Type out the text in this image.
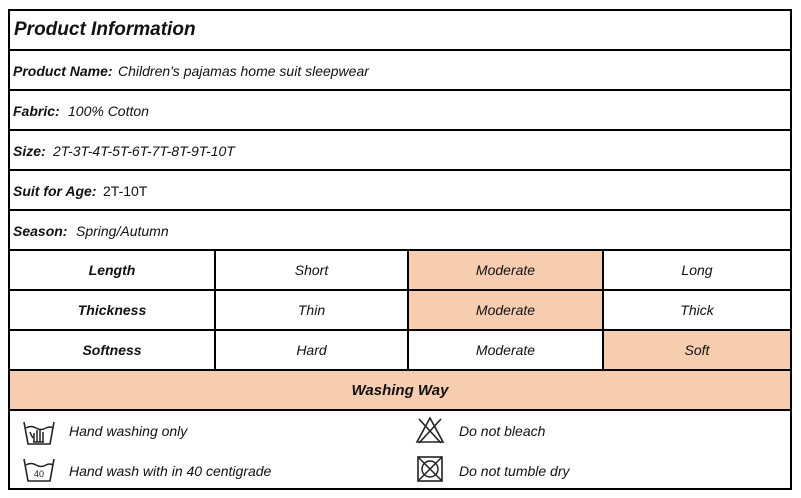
Product Information
Product Name: Children's pajamas home suit sleepwear
Fabric: 100% Cotton
Size: 2T-3T-4T-5T-6T-7T-8T-9T-10T
Suit for Age: 2T-10T
Season: Spring/Autumn
Length	Short	Moderate	Long
Thickness	Thin	Moderate	Thick
Softness	Hard	Moderate	Soft
Washing Way
Hand washing only	Do not bleach
40 Hand wash with in 40 centigrade	Do not tumble dry
